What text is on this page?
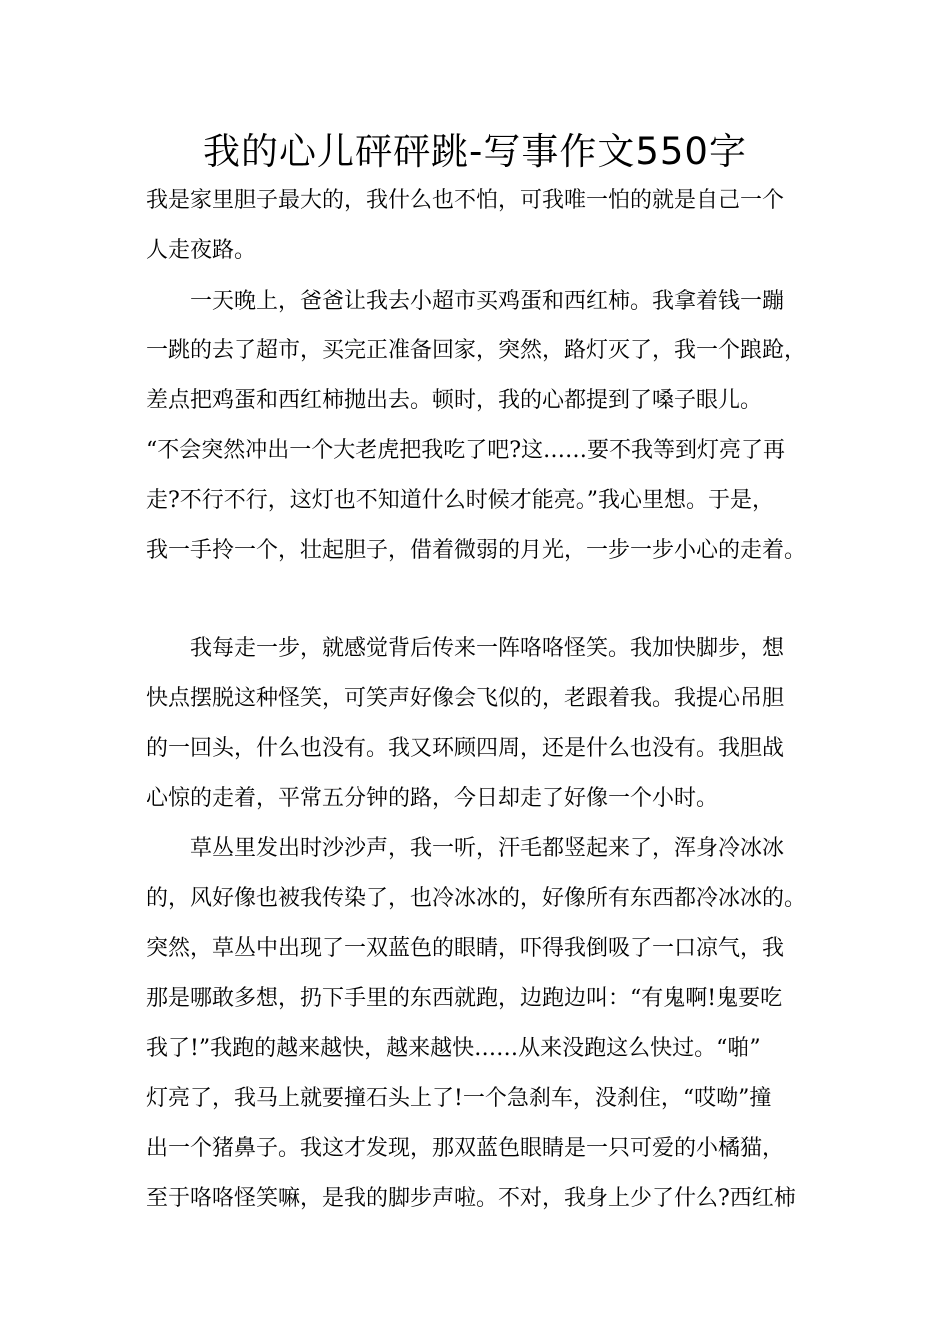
我的心儿砰砰跳-写事作文550字

我是家里胆子最大的，我什么也不怕，可我唯一怕的就是自己一个

人走夜路。

　　一天晚上，爸爸让我去小超市买鸡蛋和西红柿。我拿着钱一蹦

一跳的去了超市，买完正准备回家，突然，路灯灭了，我一个踉跄，

差点把鸡蛋和西红柿抛出去。顿时，我的心都提到了嗓子眼儿。

“不会突然冲出一个大老虎把我吃了吧?这……要不我等到灯亮了再

走?不行不行，这灯也不知道什么时候才能亮。”我心里想。于是，

我一手拎一个，壮起胆子，借着微弱的月光，一步一步小心的走着。

　　我每走一步，就感觉背后传来一阵咯咯怪笑。我加快脚步，想

快点摆脱这种怪笑，可笑声好像会飞似的，老跟着我。我提心吊胆

的一回头，什么也没有。我又环顾四周，还是什么也没有。我胆战

心惊的走着，平常五分钟的路，今日却走了好像一个小时。

　　草丛里发出时沙沙声，我一听，汗毛都竖起来了，浑身冷冰冰

的，风好像也被我传染了，也冷冰冰的，好像所有东西都冷冰冰的。

突然，草丛中出现了一双蓝色的眼睛，吓得我倒吸了一口凉气，我

那是哪敢多想，扔下手里的东西就跑，边跑边叫：“有鬼啊!鬼要吃

我了!”我跑的越来越快，越来越快……从来没跑这么快过。“啪”

灯亮了，我马上就要撞石头上了!一个急刹车，没刹住，“哎呦”撞

出一个猪鼻子。我这才发现，那双蓝色眼睛是一只可爱的小橘猫，

至于咯咯怪笑嘛，是我的脚步声啦。不对，我身上少了什么?西红柿
